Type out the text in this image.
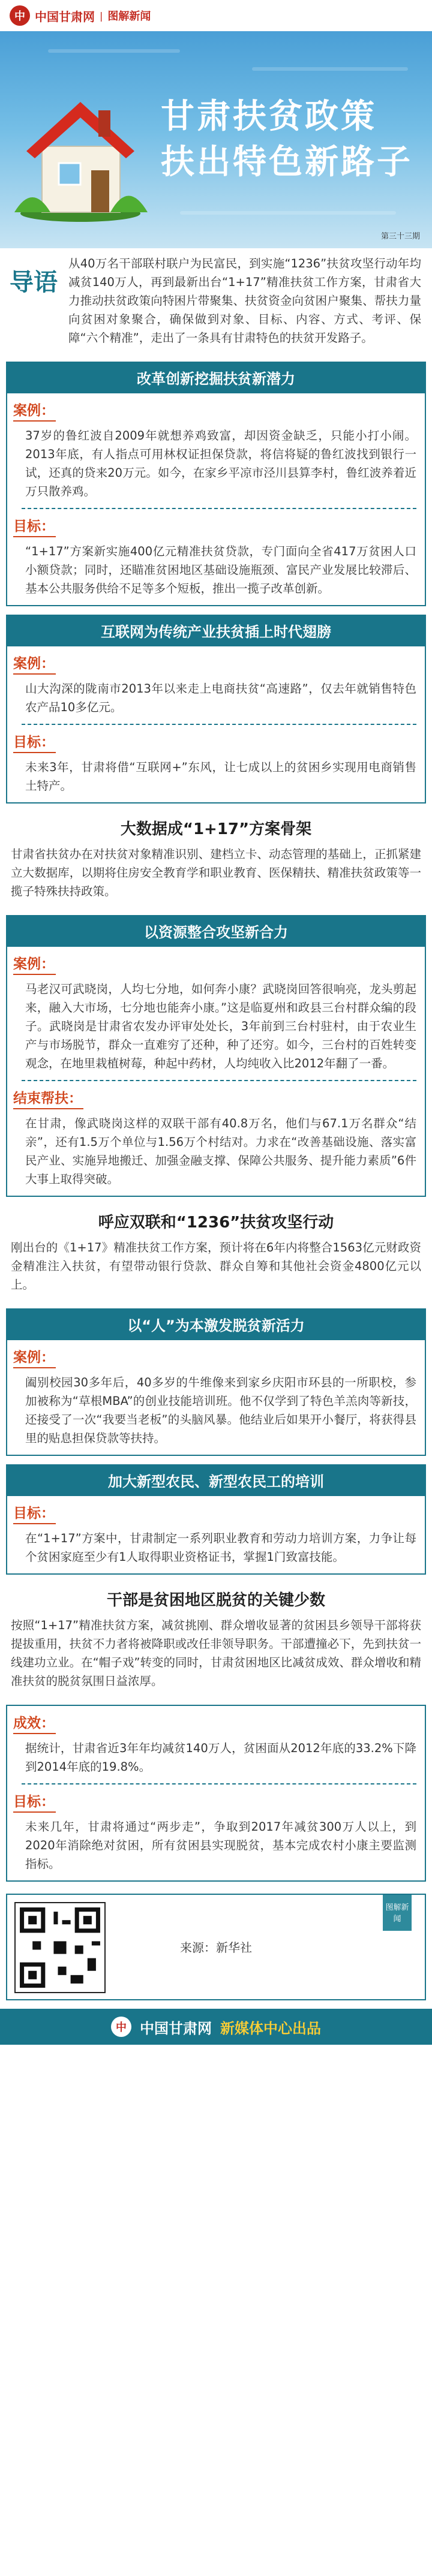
中 中国甘肃网 | 图解新闻
甘肃扶贫政策
扶出特色新路子
第三十三期
导语
从40万名干部联村联户为民富民，到实施“1236”扶贫攻坚行动年均减贫140万人，再到最新出台“1+17”精准扶贫工作方案，甘肃省大力推动扶贫政策向特困片带聚集、扶贫资金向贫困户聚集、帮扶力量向贫困对象聚合，确保做到对象、目标、内容、方式、考评、保障“六个精准”，走出了一条具有甘肃特色的扶贫开发路子。
改革创新挖掘扶贫新潜力
案例：
37岁的鲁红波自2009年就想养鸡致富，却因资金缺乏，只能小打小闹。2013年底，有人指点可用林权证担保贷款，将信将疑的鲁红波找到银行一试，还真的贷来20万元。如今，在家乡平凉市泾川县算李村，鲁红波养着近万只散养鸡。
目标：
“1+17”方案新实施400亿元精准扶贫贷款，专门面向全省417万贫困人口小额贷款；同时，还瞄准贫困地区基础设施瓶颈、富民产业发展比较滞后、基本公共服务供给不足等多个短板，推出一揽子改革创新。
互联网为传统产业扶贫插上时代翅膀
案例：
山大沟深的陇南市2013年以来走上电商扶贫“高速路”，仅去年就销售特色农产品10多亿元。
目标：
未来3年，甘肃将借“互联网+”东风，让七成以上的贫困乡实现用电商销售土特产。
大数据成“1+17”方案骨架
甘肃省扶贫办在对扶贫对象精准识别、建档立卡、动态管理的基础上，正抓紧建立大数据库，以期将住房安全教育学和职业教育、医保精扶、精准扶贫政策等一揽子特殊扶持政策。
以资源整合攻坚新合力
案例：
马老汉可武晓岗，人均七分地，如何奔小康？武晓岗回答很响亮，龙头剪起来，融入大市场，七分地也能奔小康。”这是临夏州和政县三台村群众编的段子。武晓岗是甘肃省农发办评审处处长，3年前到三台村驻村，由于农业生产与市场脱节，群众一直难穷了还种，种了还穷。如今，三台村的百姓转变观念，在地里栽植树莓，种起中药材，人均纯收入比2012年翻了一番。
结束帮扶：
在甘肃，像武晓岗这样的双联干部有40.8万名，他们与67.1万名群众“结亲”，还有1.5万个单位与1.56万个村结对。力求在“改善基础设施、落实富民产业、实施异地搬迁、加强金融支撑、保障公共服务、提升能力素质”6件大事上取得突破。
呼应双联和“1236”扶贫攻坚行动
刚出台的《1+17》精准扶贫工作方案，预计将在6年内将整合1563亿元财政资金精准注入扶贫，有望带动银行贷款、群众自筹和其他社会资金4800亿元以上。
以“人”为本激发脱贫新活力
案例：
阖别校园30多年后，40多岁的牛维像来到家乡庆阳市环县的一所职校，参加被称为“草根MBA”的创业技能培训班。他不仅学到了特色羊羔肉等新技，还接受了一次“我要当老板”的头脑风暴。他结业后如果开小餐厅，将获得县里的贴息担保贷款等扶持。
加大新型农民、新型农民工的培训
目标：
在“1+17”方案中，甘肃制定一系列职业教育和劳动力培训方案，力争让每个贫困家庭至少有1人取得职业资格证书，掌握1门致富技能。
干部是贫困地区脱贫的关键少数
按照“1+17”精准扶贫方案，减贫挑刚、群众增收显著的贫困县乡领导干部将获提拔重用，扶贫不力者将被降职或改任非领导职务。干部遭撞必下，先到扶贫一线建功立业。在“帽子戏”转变的同时，甘肃贫困地区比减贫成效、群众增收和精准扶贫的脱贫氛围日益浓厚。
成效：
据统计，甘肃省近3年年均减贫140万人，贫困面从2012年底的33.2%下降到2014年底的19.8%。
目标：
未来几年，甘肃将通过“两步走”，争取到2017年减贫300万人以上，到2020年消除绝对贫困，所有贫困县实现脱贫，基本完成农村小康主要监测指标。
来源：新华社
图解新闻
中 中国甘肃网 新媒体中心出品
